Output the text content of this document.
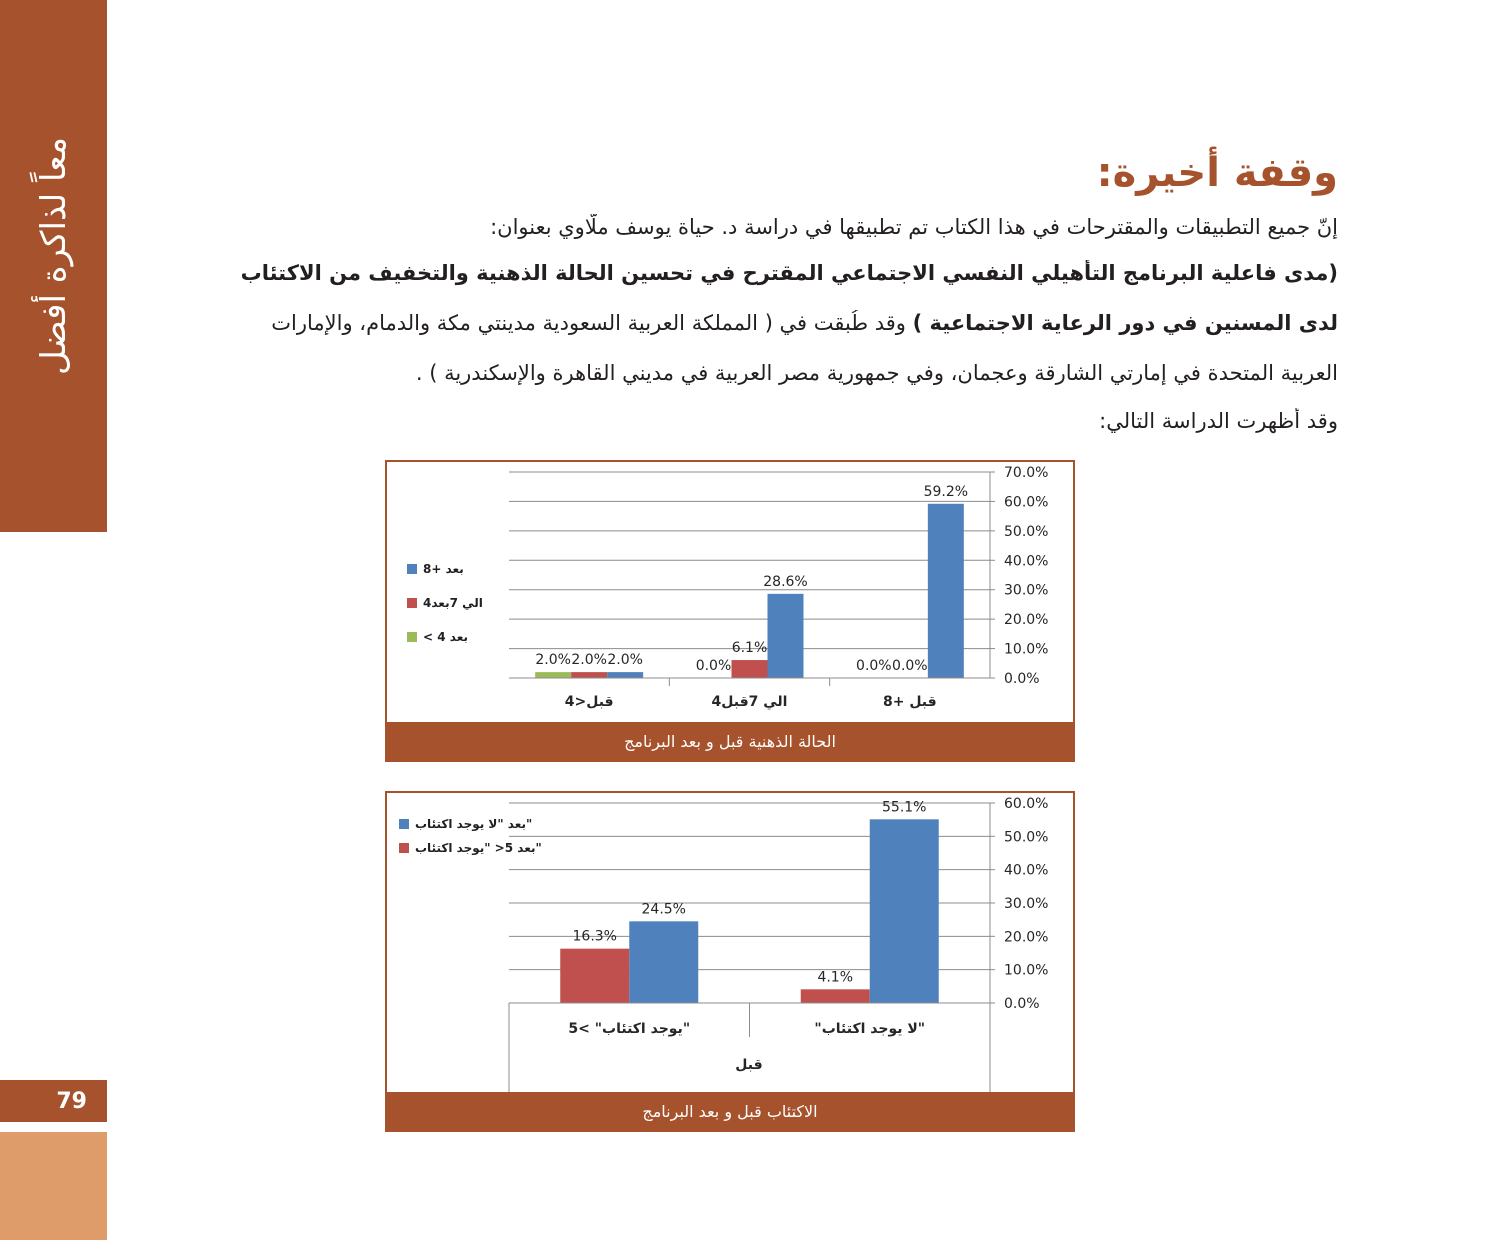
معاً لذاكرة أفضل
79
وقفة أخيرة:
إنّ جميع التطبيقات والمقترحات في هذا الكتاب تم تطبيقها في دراسة د. حياة يوسف ملّاوي بعنوان:
(مدى فاعلية البرنامج التأهيلي النفسي الاجتماعي المقترح في تحسين الحالة الذهنية والتخفيف من الاكتئاب
لدى المسنين في دور الرعاية الاجتماعية ) وقد طُبقت في ( المملكة العربية السعودية مدينتي مكة والدمام، والإمارات
العربية المتحدة في إمارتي الشارقة وعجمان، وفي جمهورية مصر العربية في مديني القاهرة والإسكندرية ) .
وقد أظهرت الدراسة التالي:
0.0%
10.0%
20.0%
30.0%
40.0%
50.0%
60.0%
70.0%
قبل<4
2.0% 2.0% 2.0%
4الي 7قبل
0.0%
6.1%
28.6%
8+ قبل
0.0% 0.0%
59.2%
8+ بعد
4الي 7بعد
< 4 بعد
الحالة الذهنية قبل و بعد البرنامج
0.0%
10.0%
20.0%
30.0%
40.0%
50.0%
60.0%
5< "يوجد اكتئاب"
16.3%
24.5%
"لا يوجد اكتئاب"
4.1%
55.1%
قبل
بعد "لا يوجد اكتئاب"
بعد 5< "يوجد اكتئاب"
الاكتئاب قبل و بعد البرنامج
